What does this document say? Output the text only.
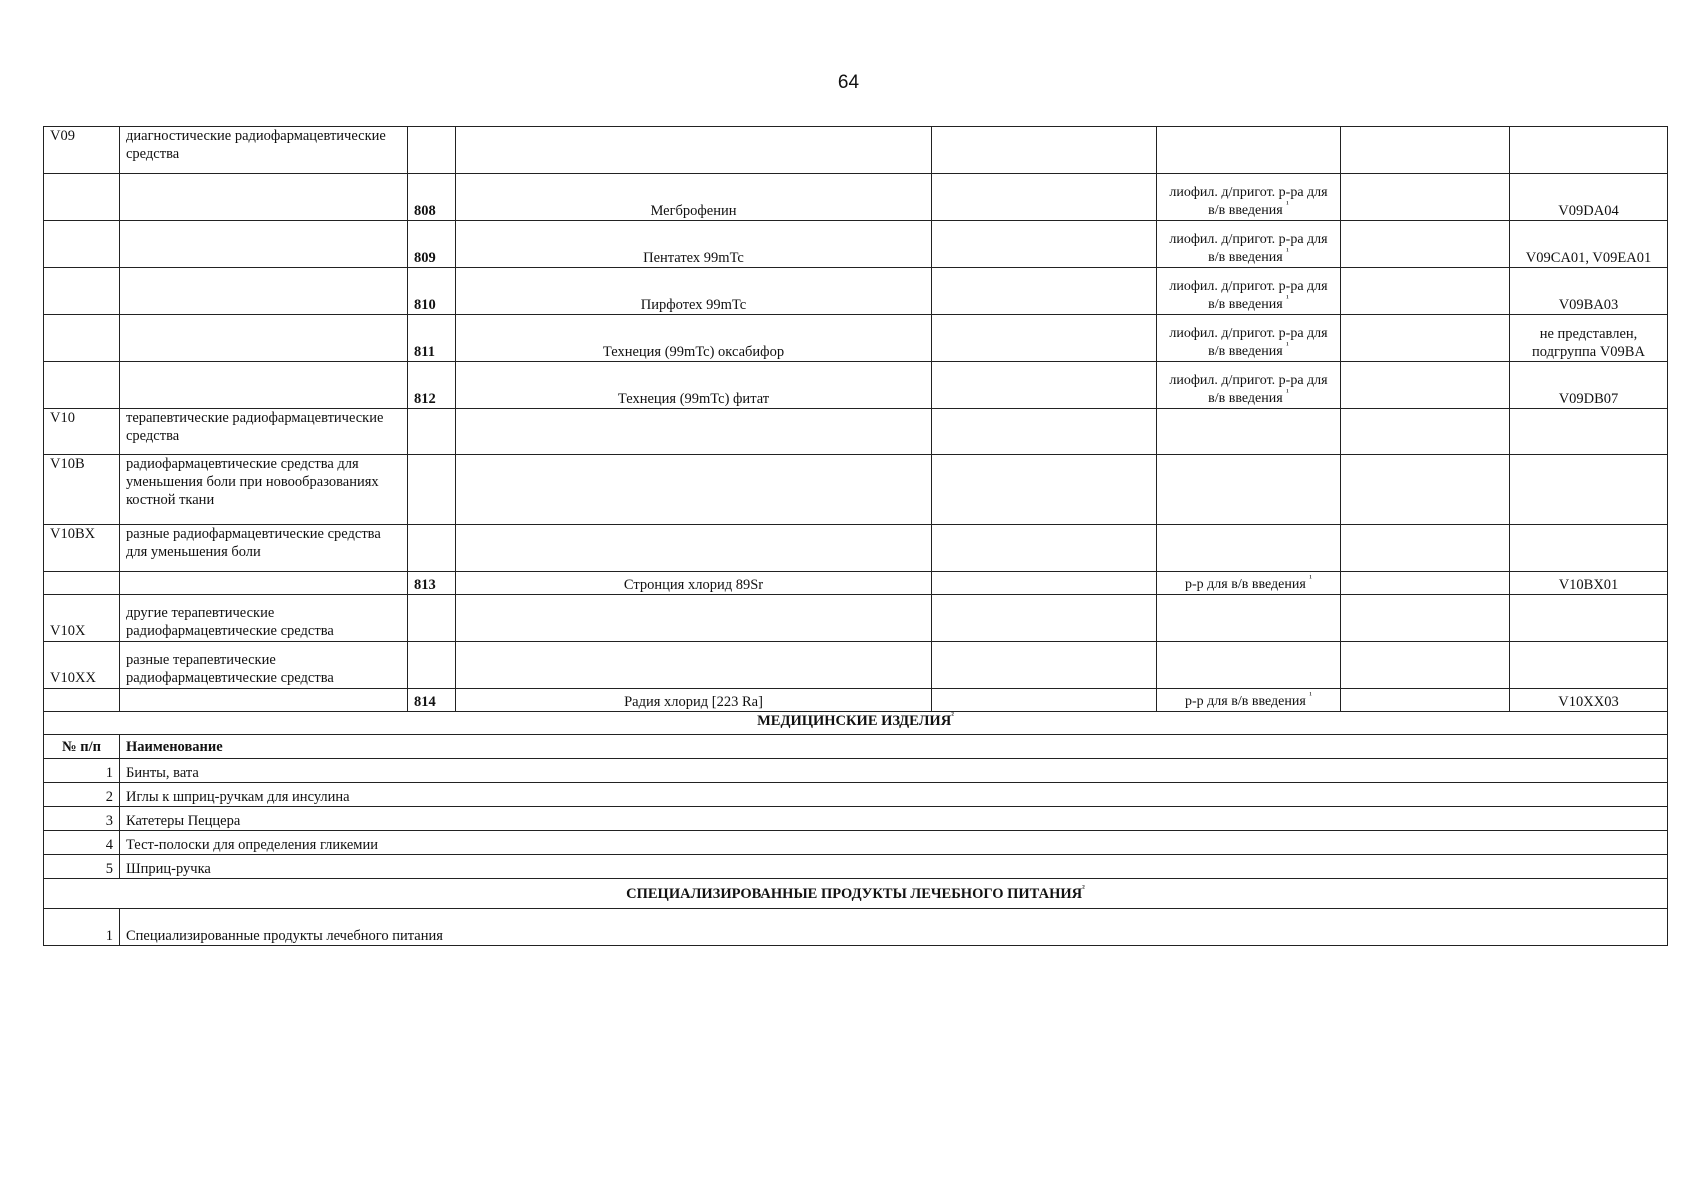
64
V09	диагностические радиофармацевтические средства						
		808	Мегброфенин		лиофил. д/пригот. р-ра для в/в введения $^{^1}$		V09DA04
		809	Пентатех 99mTc		лиофил. д/пригот. р-ра для в/в введения $^{^1}$		V09CA01, V09EA01
		810	Пирфотех 99mTc		лиофил. д/пригот. р-ра для в/в введения $^{^1}$		V09BA03
		811	Технеция (99mTc) оксабифор		лиофил. д/пригот. р-ра для в/в введения $^{^1}$		не представлен, подгруппа V09BA
		812	Технеция (99mTc) фитат		лиофил. д/пригот. р-ра для в/в введения $^{^1}$		V09DB07
V10	терапевтические радиофармацевтические средства						
V10B	радиофармацевтические средства для уменьшения боли при новообразованиях костной ткани						
V10BX	разные радиофармацевтические средства для уменьшения боли						
		813	Стронция хлорид 89Sr		р-р для в/в введения $^{^1}$		V10BX01
V10X	другие терапевтические радиофармацевтические средства						
V10XX	разные терапевтические радиофармацевтические средства						
		814	Радия хлорид [223 Ra]		р-р для в/в введения $^{^1}$		V10XX03
МЕДИЦИНСКИЕ $ИЗДЕЛИЯ^{^2}$
№ п/п	Наименование						
1	Бинты, вата						
2	Иглы к шприц-ручкам для инсулина						
3	Катетеры Пеццера						
4	Тест-полоски для определения гликемии						
5	Шприц-ручка						
СПЕЦИАЛИЗИРОВАННЫЕ ПРОДУКТЫ ЛЕЧЕБНОГО $ПИТАНИЯ^{^2}$
1	Специализированные продукты лечебного питания						
